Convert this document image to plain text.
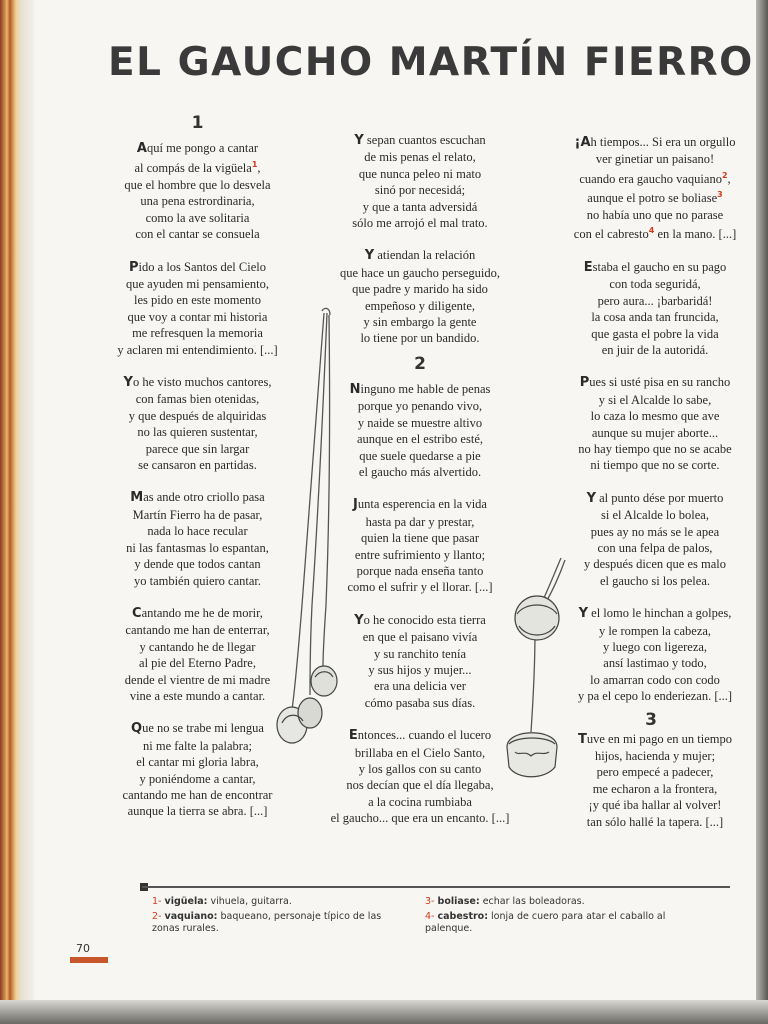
EL GAUCHO MARTÍN FIERRO
1
Aquí me pongo a cantar
al compás de la vigüela$^1$,
que el hombre que lo desvela
una pena estrordinaria,
como la ave solitaria
con el cantar se consuela
Pido a los Santos del Cielo
que ayuden mi pensamiento,
les pido en este momento
que voy a contar mi historia
me refresquen la memoria
y aclaren mi entendimiento. [...]
Yo he visto muchos cantores,
con famas bien otenidas,
y que después de alquiridas
no las quieren sustentar,
parece que sin largar
se cansaron en partidas.
Mas ande otro criollo pasa
Martín Fierro ha de pasar,
nada lo hace recular
ni las fantasmas lo espantan,
y dende que todos cantan
yo también quiero cantar.
Cantando me he de morir,
cantando me han de enterrar,
y cantando he de llegar
al pie del Eterno Padre,
dende el vientre de mi madre
vine a este mundo a cantar.
Que no se trabe mi lengua
ni me falte la palabra;
el cantar mi gloria labra,
y poniéndome a cantar,
cantando me han de encontrar
aunque la tierra se abra. [...]
Y sepan cuantos escuchan
de mis penas el relato,
que nunca peleo ni mato
sinó por necesidá;
y que a tanta adversidá
sólo me arrojó el mal trato.
Y atiendan la relación
que hace un gaucho perseguido,
que padre y marido ha sido
empeñoso y diligente,
y sin embargo la gente
lo tiene por un bandido.
2
Ninguno me hable de penas
porque yo penando vivo,
y naide se muestre altivo
aunque en el estribo esté,
que suele quedarse a pie
el gaucho más alvertido.
Junta esperencia en la vida
hasta pa dar y prestar,
quien la tiene que pasar
entre sufrimiento y llanto;
porque nada enseña tanto
como el sufrir y el llorar. [...]
Yo he conocido esta tierra
en que el paisano vivía
y su ranchito tenía
y sus hijos y mujer...
era una delicia ver
cómo pasaba sus días.
Entonces... cuando el lucero
brillaba en el Cielo Santo,
y los gallos con su canto
nos decían que el día llegaba,
a la cocina rumbiaba
el gaucho... que era un encanto. [...]
¡Ah tiempos... Si era un orgullo
ver ginetiar un paisano!
cuando era gaucho vaquiano$^2$,
aunque el potro se boliase$^3$
no había uno que no parase
con el cabresto$^4$ en la mano. [...]
Estaba el gaucho en su pago
con toda seguridá,
pero aura... ¡barbaridá!
la cosa anda tan fruncida,
que gasta el pobre la vida
en juir de la autoridá.
Pues si usté pisa en su rancho
y si el Alcalde lo sabe,
lo caza lo mesmo que ave
aunque su mujer aborte...
no hay tiempo que no se acabe
ni tiempo que no se corte.
Y al punto dése por muerto
si el Alcalde lo bolea,
pues ay no más se le apea
con una felpa de palos,
y después dicen que es malo
el gaucho si los pelea.
Y el lomo le hinchan a golpes,
y le rompen la cabeza,
y luego con ligereza,
ansí lastimao y todo,
lo amarran codo con codo
y pa el cepo lo enderiezan. [...]
3
Tuve en mi pago en un tiempo
hijos, hacienda y mujer;
pero empecé a padecer,
me echaron a la frontera,
¡y qué iba hallar al volver!
tan sólo hallé la tapera. [...]
1- vigüela: vihuela, guitarra.
2- vaquiano: baqueano, personaje típico de las zonas rurales.
3- boliase: echar las boleadoras.
4- cabestro: lonja de cuero para atar el caballo al palenque.
70
